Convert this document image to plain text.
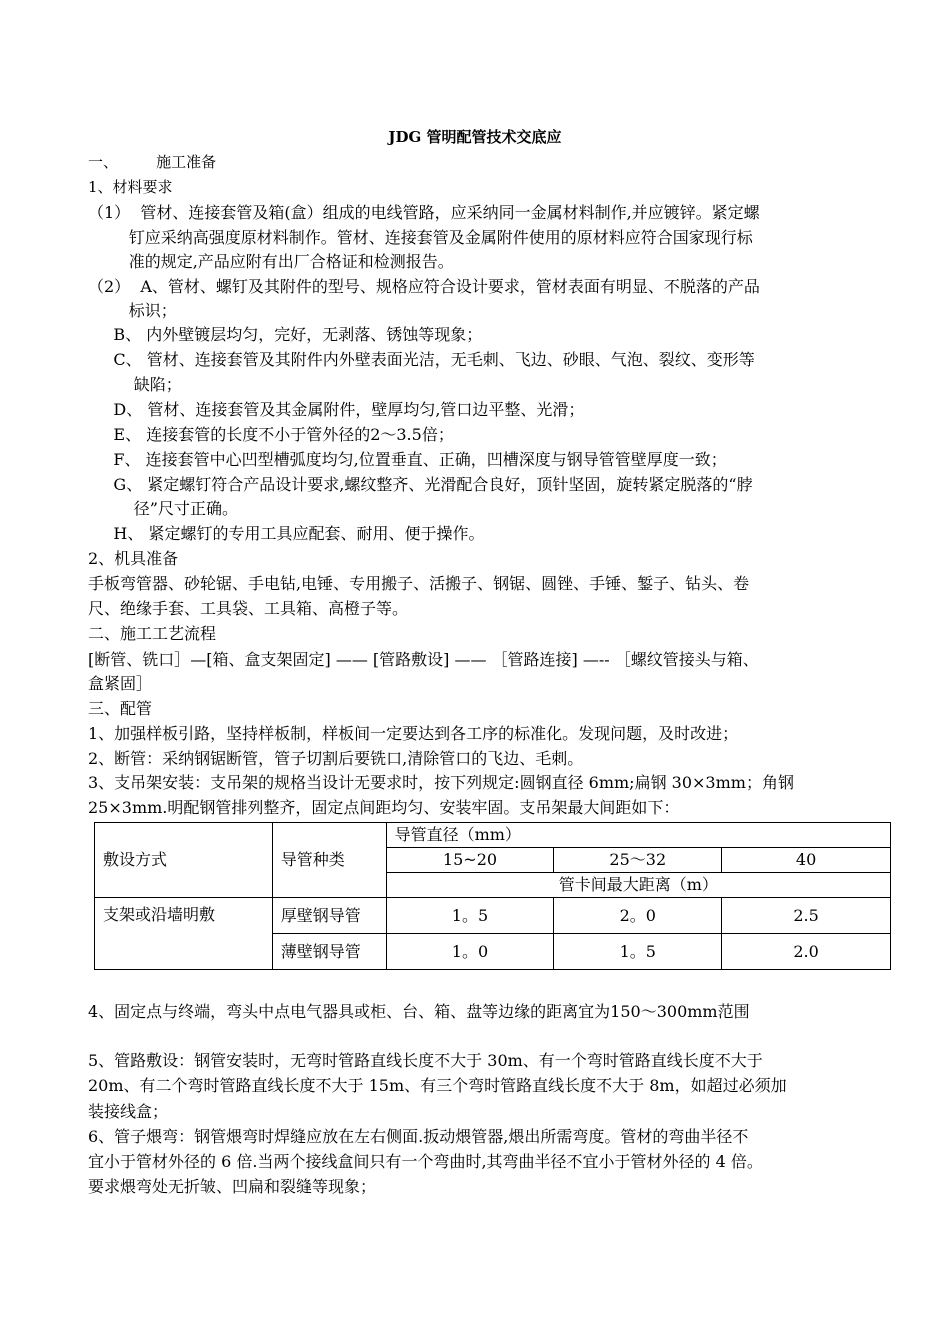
JDG 管明配管技术交底应
一、        施工准备
1、材料要求
（1）  管材、连接套管及箱(盒）组成的电线管路，应采纳同一金属材料制作,并应镀锌。紧定螺
钉应采纳高强度原材料制作。管材、连接套管及金属附件使用的原材料应符合国家现行标
准的规定,产品应附有出厂合格证和检测报告。
（2）  A、管材、螺钉及其附件的型号、规格应符合设计要求，管材表面有明显、不脱落的产品
标识；
B、 内外壁镀层均匀，完好，无剥落、锈蚀等现象；
C、 管材、连接套管及其附件内外壁表面光洁，无毛刺、飞边、砂眼、气泡、裂纹、变形等
缺陷；
D、 管材、连接套管及其金属附件，壁厚均匀,管口边平整、光滑；
E、 连接套管的长度不小于管外径的2～3.5倍；
F、 连接套管中心凹型槽弧度均匀,位置垂直、正确，凹槽深度与钢导管管壁厚度一致；
G、 紧定螺钉符合产品设计要求,螺纹整齐、光滑配合良好，顶针坚固，旋转紧定脱落的“脖
径”尺寸正确。
H、 紧定螺钉的专用工具应配套、耐用、便于操作。
2、机具准备
手板弯管器、砂轮锯、手电钻,电锤、专用搬子、活搬子、钢锯、圆锉、手锤、錾子、钻头、卷
尺、绝缘手套、工具袋、工具箱、高橙子等。
二、施工工艺流程
[断管、铣口］—[箱、盒支架固定] —— [管路敷设] —— ［管路连接] —-- ［螺纹管接头与箱、
盒紧固］
三、配管
1、加强样板引路，坚持样板制，样板间一定要达到各工序的标准化。发现问题，及时改进；
2、断管：采纳钢锯断管，管子切割后要铣口,清除管口的飞边、毛刺。
3、支吊架安装：支吊架的规格当设计无要求时，按下列规定:圆钢直径 6mm;扁钢 30×3mm；角钢
25×3mm.明配钢管排列整齐，固定点间距均匀、安装牢固。支吊架最大间距如下：
敷设方式	导管种类	导管直径（mm）		
		15~20	25～32	40
		管卡间最大距离（m）		
支架或沿墙明敷	厚壁钢导管	1。5	2。0	2.5
	薄壁钢导管	1。0	1。5	2.0
4、固定点与终端，弯头中点电气器具或柜、台、箱、盘等边缘的距离宜为150～300mm范围
5、管路敷设：钢管安装时，无弯时管路直线长度不大于 30m、有一个弯时管路直线长度不大于
20m、有二个弯时管路直线长度不大于 15m、有三个弯时管路直线长度不大于 8m，如超过必须加
装接线盒；
6、管子煨弯：钢管煨弯时焊缝应放在左右侧面.扳动煨管器,煨出所需弯度。管材的弯曲半径不
宜小于管材外径的 6 倍.当两个接线盒间只有一个弯曲时,其弯曲半径不宜小于管材外径的 4 倍。
要求煨弯处无折皱、凹扁和裂缝等现象；
